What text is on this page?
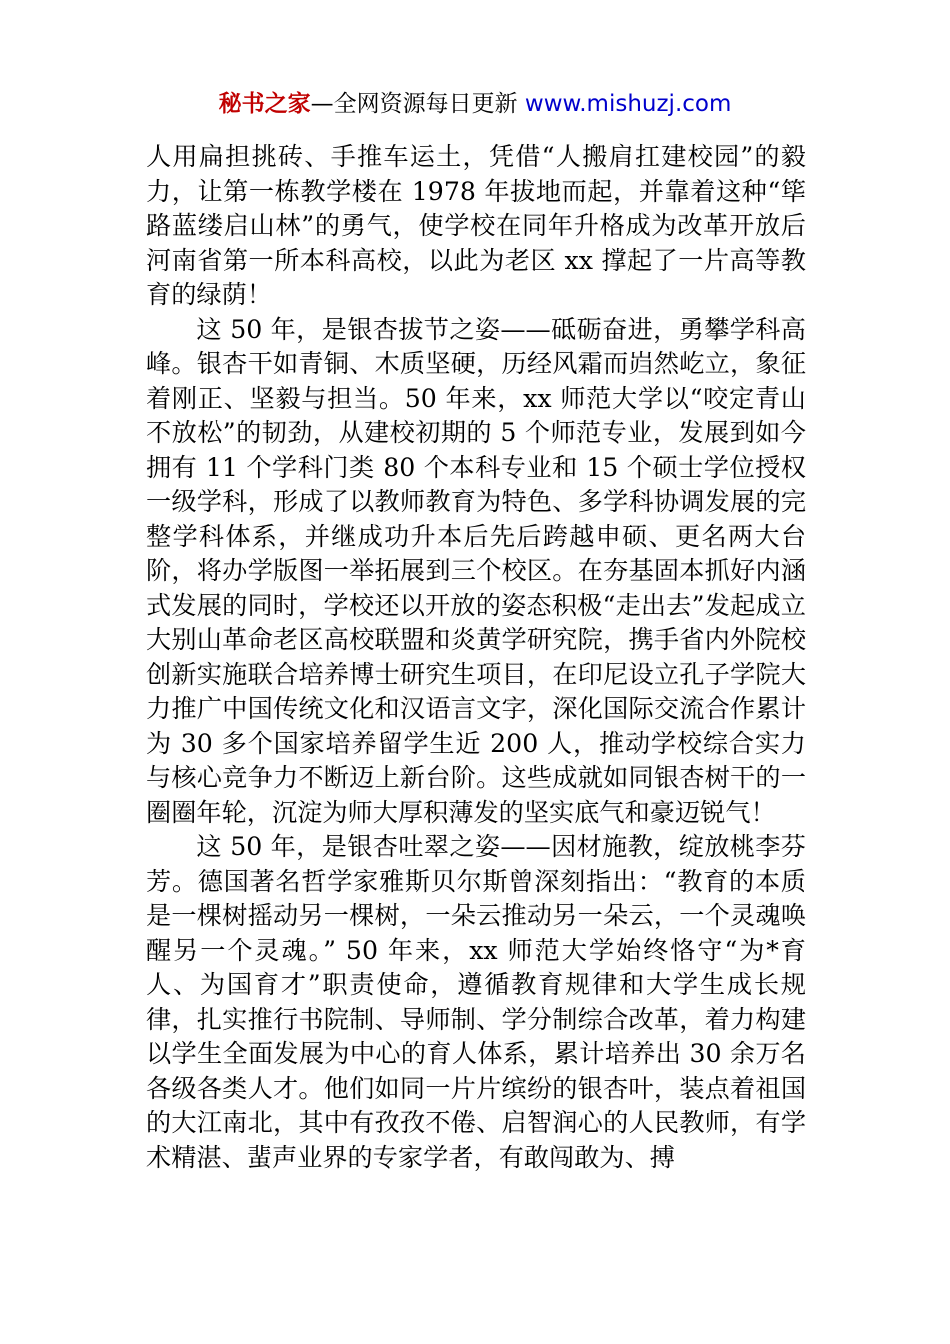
秘书之家—全网资源每日更新 www.mishuzj.com

人用扁担挑砖、手推车运土，凭借“人搬肩扛建校园”的毅力，让第一栋教学楼在 1978 年拔地而起，并靠着这种“筚路蓝缕启山林”的勇气，使学校在同年升格成为改革开放后河南省第一所本科高校，以此为老区 xx 撑起了一片高等教育的绿荫！

这 50 年，是银杏拔节之姿——砥砺奋进，勇攀学科高峰。银杏干如青铜、木质坚硬，历经风霜而岿然屹立，象征着刚正、坚毅与担当。50 年来，xx 师范大学以“咬定青山不放松”的韧劲，从建校初期的 5 个师范专业，发展到如今拥有 11 个学科门类 80 个本科专业和 15 个硕士学位授权一级学科，形成了以教师教育为特色、多学科协调发展的完整学科体系，并继成功升本后先后跨越申硕、更名两大台阶，将办学版图一举拓展到三个校区。在夯基固本抓好内涵式发展的同时，学校还以开放的姿态积极“走出去”发起成立大别山革命老区高校联盟和炎黄学研究院，携手省内外院校创新实施联合培养博士研究生项目，在印尼设立孔子学院大力推广中国传统文化和汉语言文字，深化国际交流合作累计为 30 多个国家培养留学生近 200 人，推动学校综合实力与核心竞争力不断迈上新台阶。这些成就如同银杏树干的一圈圈年轮，沉淀为师大厚积薄发的坚实底气和豪迈锐气！

这 50 年，是银杏吐翠之姿——因材施教，绽放桃李芬芳。德国著名哲学家雅斯贝尔斯曾深刻指出：“教育的本质是一棵树摇动另一棵树，一朵云推动另一朵云，一个灵魂唤醒另一个灵魂。” 50 年来，xx 师范大学始终恪守“为*育人、为国育才”职责使命，遵循教育规律和大学生成长规律，扎实推行书院制、导师制、学分制综合改革，着力构建以学生全面发展为中心的育人体系，累计培养出 30 余万名各级各类人才。他们如同一片片缤纷的银杏叶，装点着祖国的大江南北，其中有孜孜不倦、启智润心的人民教师，有学术精湛、蜚声业界的专家学者，有敢闯敢为、搏
